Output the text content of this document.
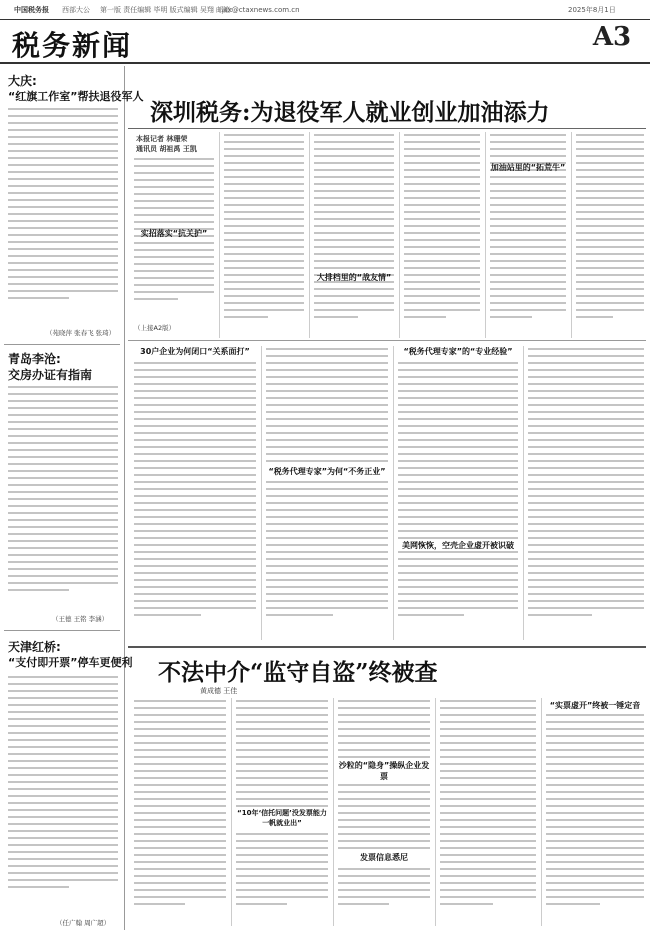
中国税务报 西部大公 第一版 责任编辑 毕明 版式编辑 吴翔 邮箱:
jsx@ctaxnews.com.cn	2025年8月1日
税务新闻	A3
大庆:
“红旗工作室”帮扶退役军人
（苑晓萍 张春飞 张琦）
青岛李沧:
交房办证有指南
（王德 王铭 李涵）
天津红桥:
“支付即开票”停车更便利
（任广翰 周广超）
深圳税务:为退役军人就业创业加油添力
本报记者 林珊荣
通讯员 胡祖禹 王凯
实招落实“抗关护”
（上接A2版）
大排档里的“战友情”
加油站里的“拓荒牛”
30户企业为何闭口“关系面打”
“税务代理专家”为何“不务正业”
“税务代理专家”的“专业经验”
美网恢恢，空壳企业虚开被识破
不法中介“监守自盗”终被查
黄成德 王佳
“10年‘信托问题’没发票能力一帆就业出”
沙粒的“隐身”操纵企业发票
发票信息悉尼
“实票虚开”终被一锤定音
